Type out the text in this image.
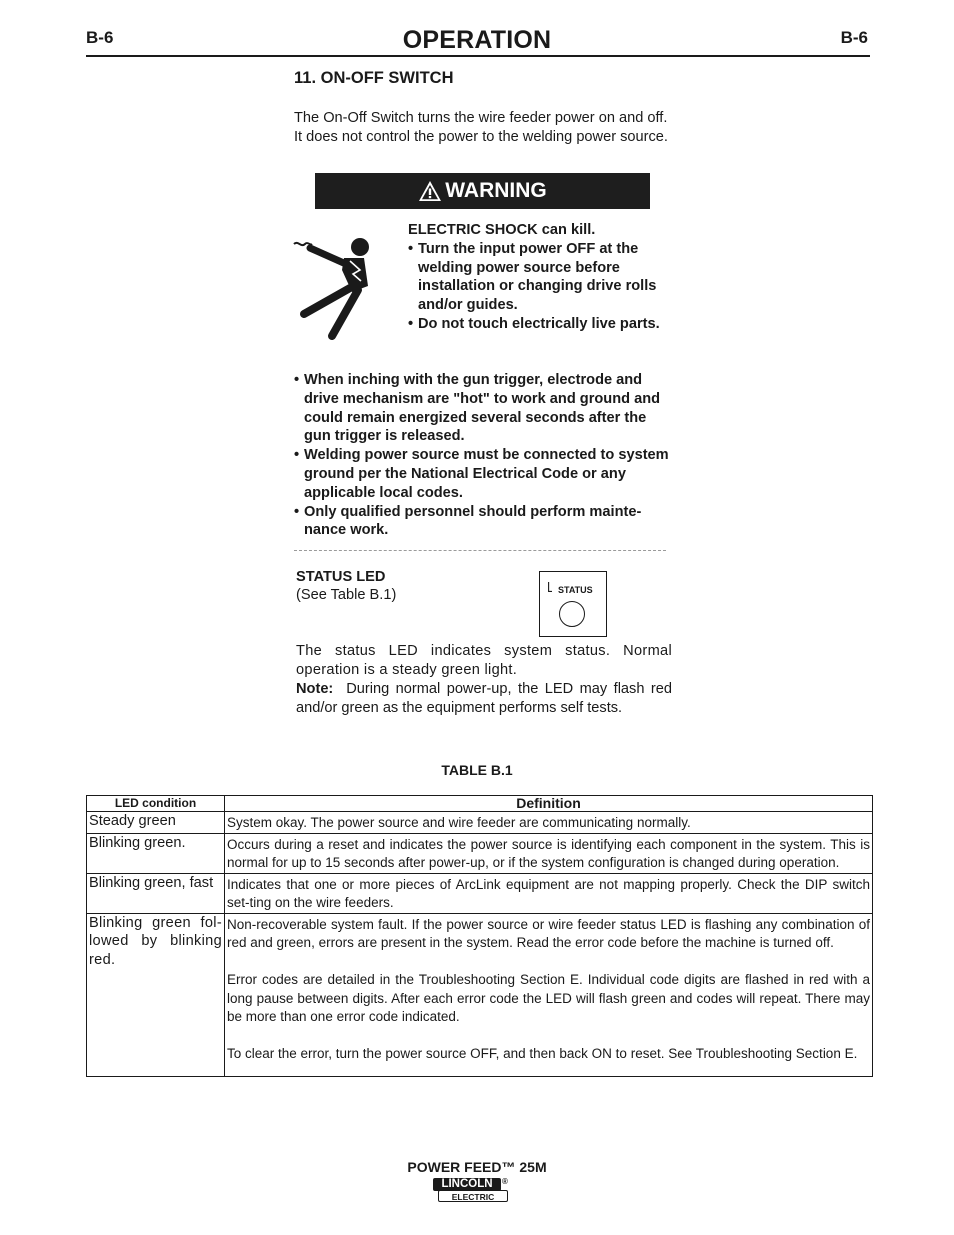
B-6	B-6
OPERATION
11. ON-OFF SWITCH
The On-Off Switch turns the wire feeder power on and off. It does not control the power to the welding power source.
WARNING
ELECTRIC SHOCK can kill.
• Turn the input power OFF at the welding power source before installation or changing drive rolls and/or guides.
• Do not touch electrically live parts.
• When inching with the gun trigger, electrode and drive mechanism are "hot" to work and ground and could remain energized several seconds after the gun trigger is released.
• Welding power source must be connected to system ground per the National Electrical Code or any applicable local codes.
• Only qualified personnel should perform mainte-nance work.
STATUS LED
(See Table B.1)	STATUS
The status LED indicates system status. Normal operation is a steady green light.
Note: During normal power-up, the LED may flash red and/or green as the equipment performs self tests.
TABLE B.1
LED condition	Definition
Steady green	System okay. The power source and wire feeder are communicating normally.

Blinking green.	Occurs during a reset and indicates the power source is identifying each component in the system. This is normal for up to 15 seconds after power-up, or if the system configuration is changed during operation.

Blinking green, fast	Indicates that one or more pieces of ArcLink equipment are not mapping properly. Check the DIP switch set-ting on the wire feeders.

Blinking green fol-lowed by blinking red.	Non-recoverable system fault. If the power source or wire feeder status LED is flashing any combination of red and green, errors are present in the system. Read the error code before the machine is turned off.

Error codes are detailed in the Troubleshooting Section E. Individual code digits are flashed in red with a long pause between digits. After each error code the LED will flash green and codes will repeat. There may be more than one error code indicated.

To clear the error, turn the power source OFF, and then back ON to reset. See Troubleshooting Section E.

POWER FEED™ 25M
LINCOLN	®
ELECTRIC
